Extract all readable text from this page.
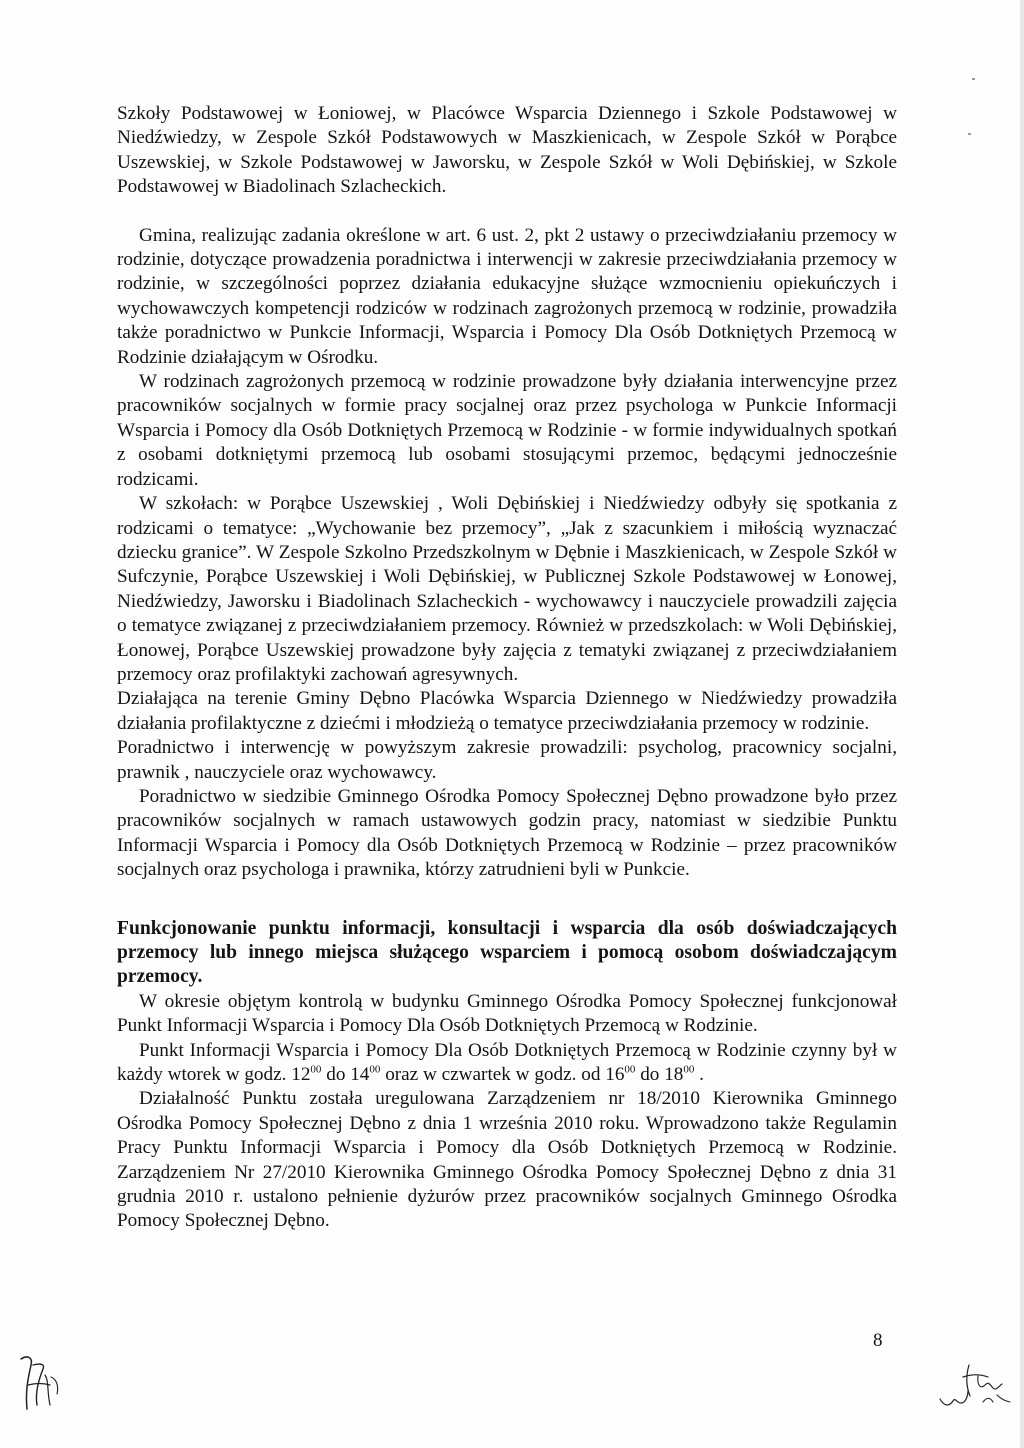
Szkoły Podstawowej w Łoniowej, w Placówce Wsparcia Dziennego i Szkole Podstawowej w Niedźwiedzy, w Zespole Szkół Podstawowych w Maszkienicach, w Zespole Szkół w Porąbce Uszewskiej, w Szkole Podstawowej w Jaworsku, w Zespole Szkół w Woli Dębińskiej, w Szkole Podstawowej w Biadolinach Szlacheckich.

Gmina, realizując zadania określone w art. 6 ust. 2, pkt 2 ustawy o przeciwdziałaniu przemocy w rodzinie, dotyczące prowadzenia poradnictwa i interwencji w zakresie przeciwdziałania przemocy w rodzinie, w szczególności poprzez działania edukacyjne służące wzmocnieniu opiekuńczych i wychowawczych kompetencji rodziców w rodzinach zagrożonych przemocą w rodzinie, prowadziła także poradnictwo w Punkcie Informacji, Wsparcia i Pomocy Dla Osób Dotkniętych Przemocą w Rodzinie działającym w Ośrodku.

W rodzinach zagrożonych przemocą w rodzinie prowadzone były działania interwencyjne przez pracowników socjalnych w formie pracy socjalnej oraz przez psychologa w Punkcie Informacji Wsparcia i Pomocy dla Osób Dotkniętych Przemocą w Rodzinie - w formie indywidualnych spotkań z osobami dotkniętymi przemocą lub osobami stosującymi przemoc, będącymi jednocześnie rodzicami.

W szkołach: w Porąbce Uszewskiej , Woli Dębińskiej i Niedźwiedzy odbyły się spotkania z rodzicami o tematyce: „Wychowanie bez przemocy”, „Jak z szacunkiem i miłością wyznaczać dziecku granice”. W Zespole Szkolno Przedszkolnym w Dębnie i Maszkienicach, w Zespole Szkół w Sufczynie, Porąbce Uszewskiej i Woli Dębińskiej, w Publicznej Szkole Podstawowej w Łonowej, Niedźwiedzy, Jaworsku i Biadolinach Szlacheckich - wychowawcy i nauczyciele prowadzili zajęcia o tematyce związanej z przeciwdziałaniem przemocy. Również w przedszkolach: w Woli Dębińskiej, Łonowej, Porąbce Uszewskiej prowadzone były zajęcia z tematyki związanej z przeciwdziałaniem przemocy oraz profilaktyki zachowań agresywnych.

Działająca na terenie Gminy Dębno Placówka Wsparcia Dziennego w Niedźwiedzy prowadziła działania profilaktyczne z dziećmi i młodzieżą o tematyce przeciwdziałania przemocy w rodzinie.

Poradnictwo i interwencję w powyższym zakresie prowadzili: psycholog, pracownicy socjalni, prawnik , nauczyciele oraz wychowawcy.

Poradnictwo w siedzibie Gminnego Ośrodka Pomocy Społecznej Dębno prowadzone było przez pracowników socjalnych w ramach ustawowych godzin pracy, natomiast w siedzibie Punktu Informacji Wsparcia i Pomocy dla Osób Dotkniętych Przemocą w Rodzinie – przez pracowników socjalnych oraz psychologa i prawnika, którzy zatrudnieni byli w Punkcie.

Funkcjonowanie punktu informacji, konsultacji i wsparcia dla osób doświadczających przemocy lub innego miejsca służącego wsparciem i pomocą osobom doświadczającym przemocy.

W okresie objętym kontrolą w budynku Gminnego Ośrodka Pomocy Społecznej funkcjonował Punkt Informacji Wsparcia i Pomocy Dla Osób Dotkniętych Przemocą w Rodzinie.

Punkt Informacji Wsparcia i Pomocy Dla Osób Dotkniętych Przemocą w Rodzinie czynny był w każdy wtorek w godz. $12^{00}$ do $14^{00}$ oraz w czwartek w godz. od $16^{00}$ do $18^{00}$ .

Działalność Punktu została uregulowana Zarządzeniem nr 18/2010 Kierownika Gminnego Ośrodka Pomocy Społecznej Dębno z dnia 1 września 2010 roku. Wprowadzono także Regulamin Pracy Punktu Informacji Wsparcia i Pomocy dla Osób Dotkniętych Przemocą w Rodzinie. Zarządzeniem Nr 27/2010 Kierownika Gminnego Ośrodka Pomocy Społecznej Dębno z dnia 31 grudnia 2010 r. ustalono pełnienie dyżurów przez pracowników socjalnych Gminnego Ośrodka Pomocy Społecznej Dębno.

8
